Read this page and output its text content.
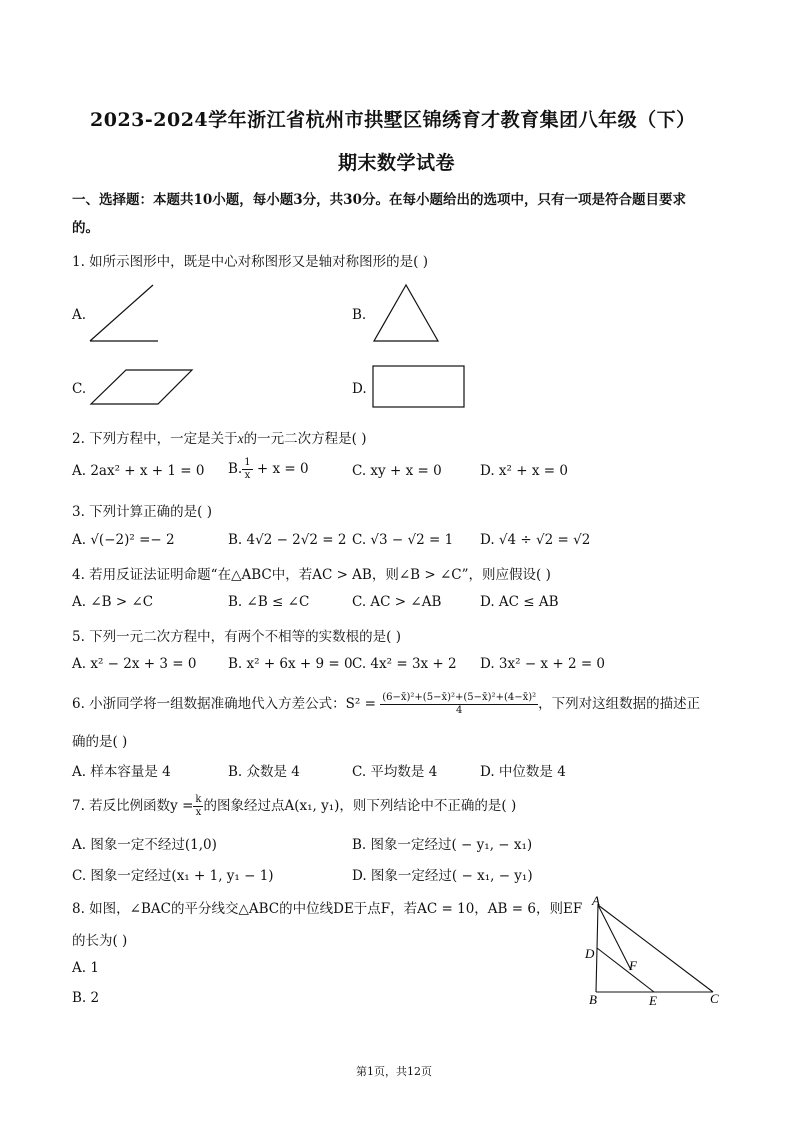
2023-2024学年浙江省杭州市拱墅区锦绣育才教育集团八年级（下）
期末数学试卷
一、选择题：本题共10小题，每小题3分，共30分。在每小题给出的选项中，只有一项是符合题目要求
的。
1. 如所示图形中，既是中心对称图形又是轴对称图形的是( )
A.	B.
C.	D.
2. 下列方程中，一定是关于x的一元二次方程是( )
A. 2ax² + x + 1 = 0 B. $\frac{1}{x} + x = 0$	C. xy + x = 0	D. x² + x = 0
3. 下列计算正确的是( )
A. √(−2)² =− 2	B. 4√2 − 2√2 = 2 C. √3 − √2 = 1 D. √4 ÷ √2 = √2
4. 若用反证法证明命题“在△ABC中，若AC > AB，则∠B > ∠C”，则应假设( )
A. ∠B > ∠C	B. ∠B ≤ ∠C	C. AC > ∠AB	D. AC ≤ AB
5. 下列一元二次方程中，有两个不相等的实数根的是( )
A. x² − 2x + 3 = 0 B. x² + 6x + 9 = 0 C. 4x² = 3x + 2 D. 3x² − x + 2 = 0
6. 小浙同学将一组数据准确地代入方差公式：$S^2 = \frac{\text{(6−x̄)²+(5−x̄)²+(5−x̄)²+(4−x̄)²}}{4}$ ，下列对这组数据的描述正
确的是( )
A. 样本容量是 4	B. 众数是 4	C. 平均数是 4	D. 中位数是 4
7. 若反比例函数$y = \frac{k}{x}$ 的图象经过点A(x₁, y₁)，则下列结论中不正确的是( )
A. 图象一定不经过(1,0)	B. 图象一定经过( − y₁, − x₁)
C. 图象一定经过(x₁ + 1, y₁ − 1)	D. 图象一定经过( − x₁, − y₁)
8. 如图，∠BAC的平分线交△ABC的中位线DE于点F，若AC = 10，AB = 6，则EF
的长为( )
A. 1
B. 2
A
B	C
D
E
F
第1页，共12页
